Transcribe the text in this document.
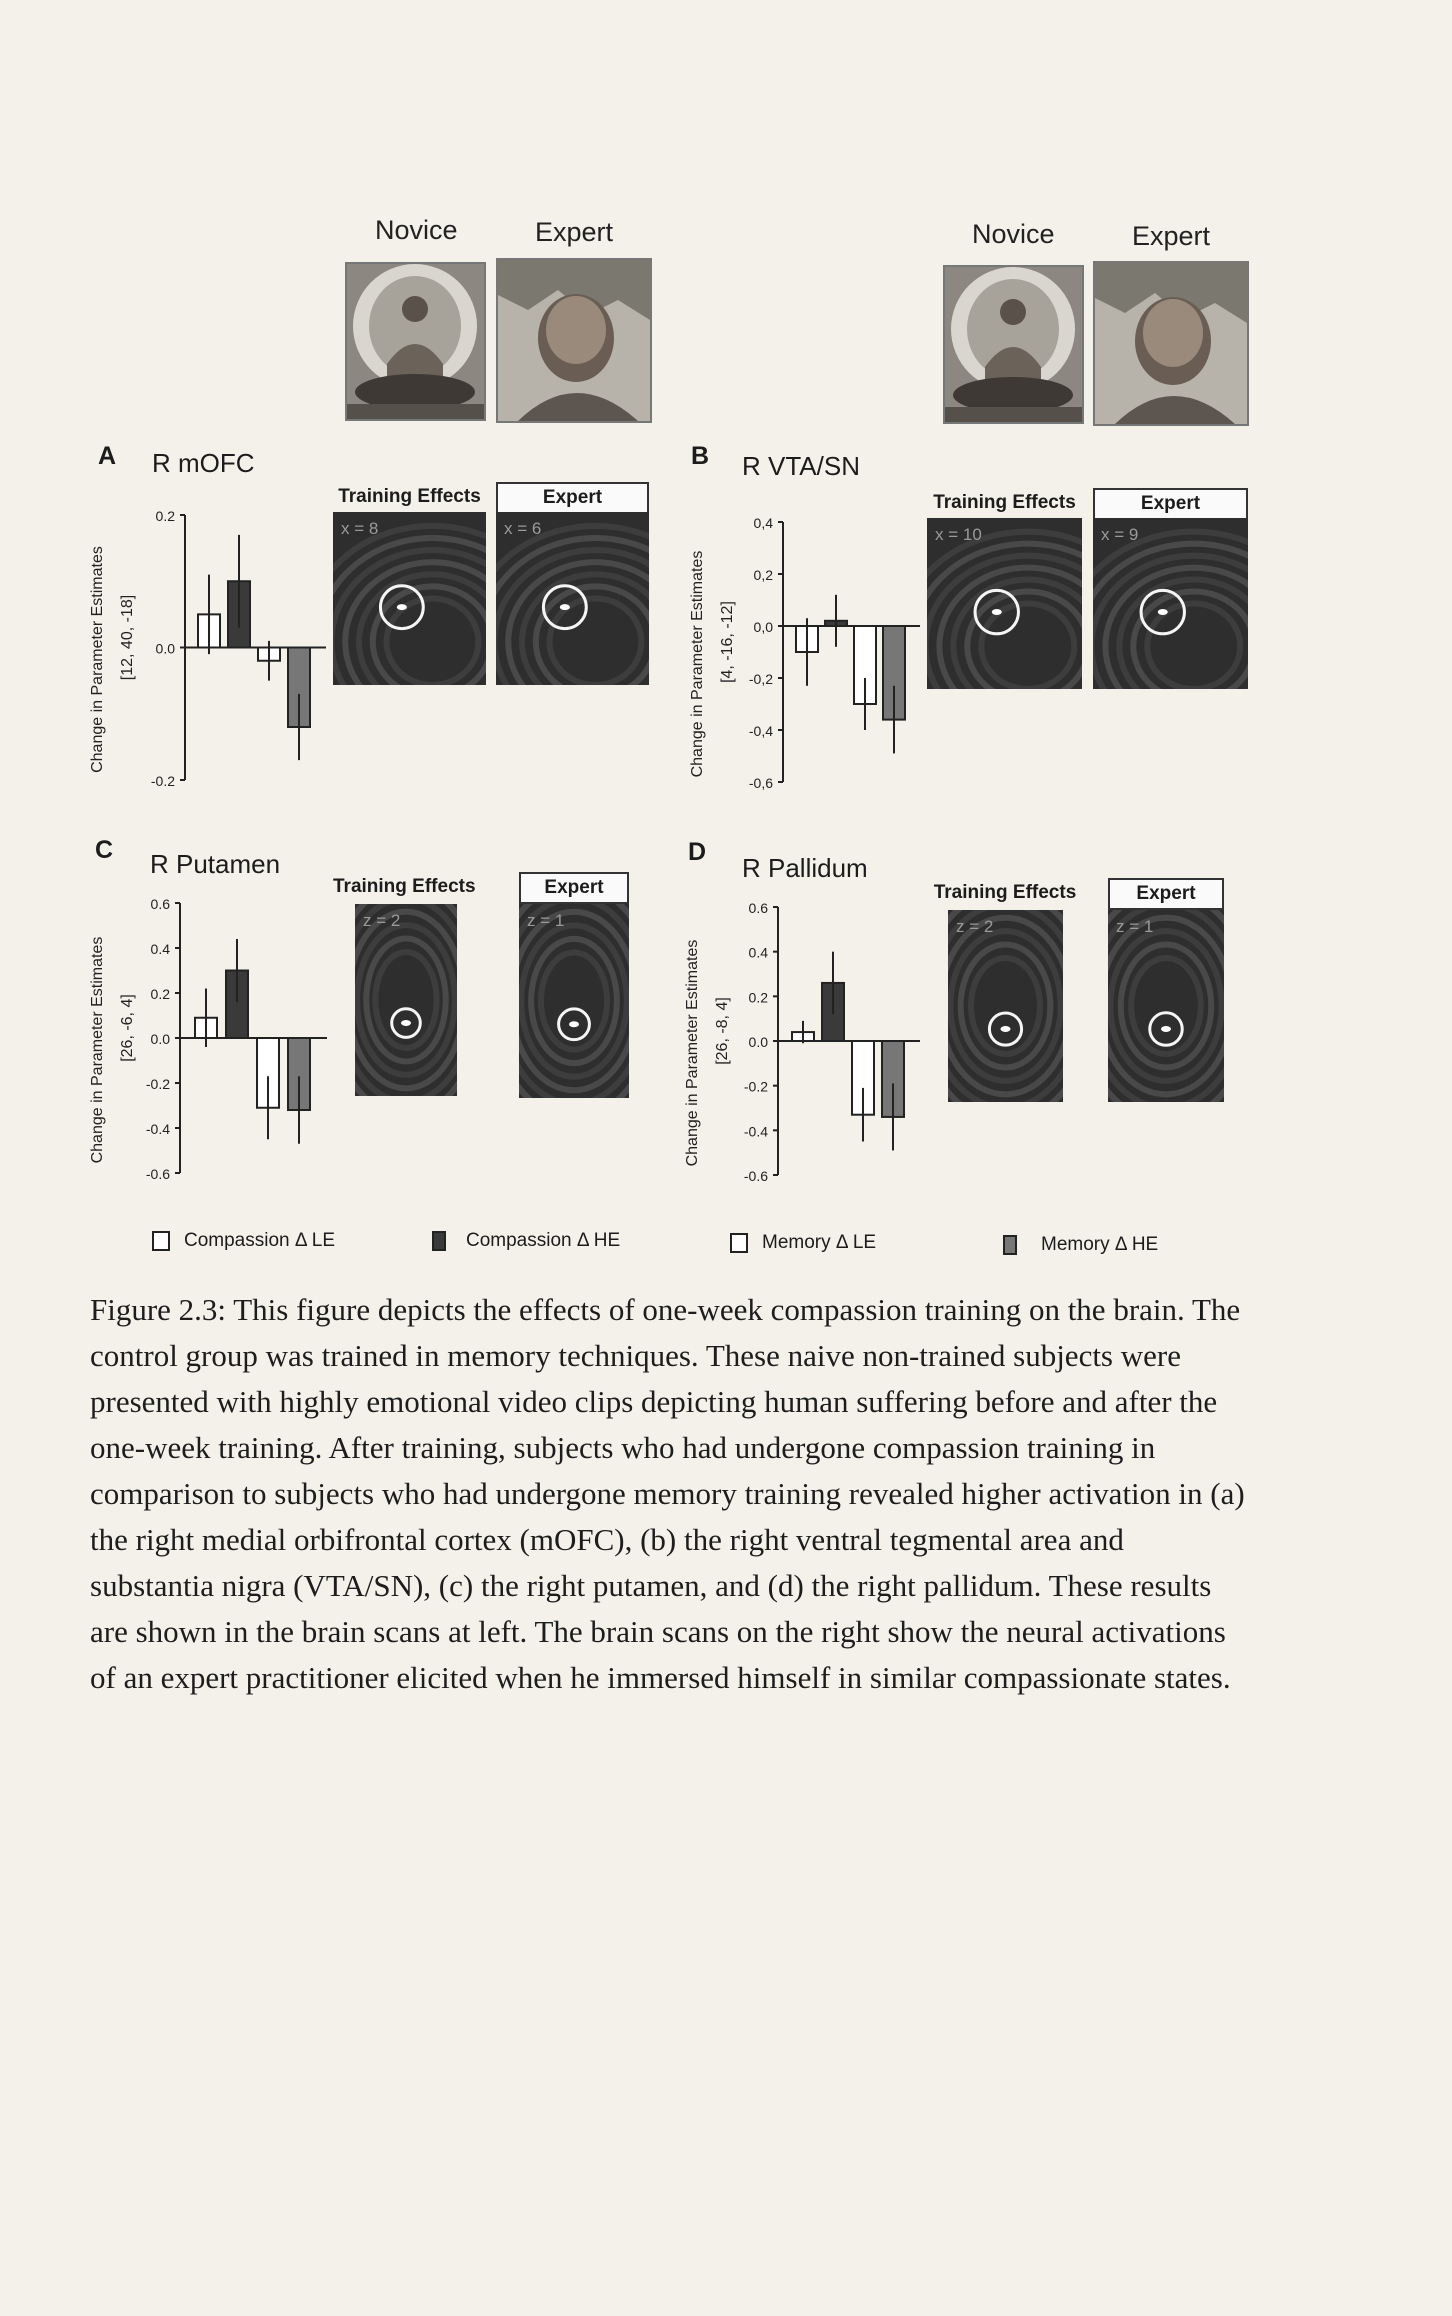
Novice	Expert	Novice	Expert
A R mOFC	B R VTA/SN
C R Putamen	D
R Pallidum
0.2
0.0
-0.2
Change in Parameter Estimates [12, 40, -18]
0,4
0,2
0,0
-0,2
-0,4
-0,6
Change in Parameter Estimates [4, -16, -12]
0.6
0.4
0.2
0.0
-0.2
-0.4
-0.6
Change in Parameter Estimates [26, -6, 4]
0.6
0.4
0.2
0.0
-0.2
-0.4
-0.6
Change in Parameter Estimates [26, -8, 4]
Training Effects
x = 8
Expert
x = 6
Training Effects
x = 10
Expert
x = 9
Training Effects
z = 2
Expert
z = 1
Training Effects
z = 2
Expert
z = 1
Compassion Δ LE	Compassion Δ HE	Memory Δ LE	Memory Δ HE
Figure 2.3: This figure depicts the effects of one-week compassion training on the brain. The control group was trained in memory techniques. These naive non-trained subjects were presented with highly emotional video clips depicting human suffering before and after the one-week training. After training, subjects who had undergone compassion training in comparison to subjects who had undergone memory training revealed higher activation in (a) the right medial orbifrontal cortex (mOFC), (b) the right ventral tegmental area and substantia nigra (VTA/SN), (c) the right putamen, and (d) the right pallidum. These results are shown in the brain scans at left. The brain scans on the right show the neural activations of an expert practitioner elicited when he immersed himself in similar compassionate states.
